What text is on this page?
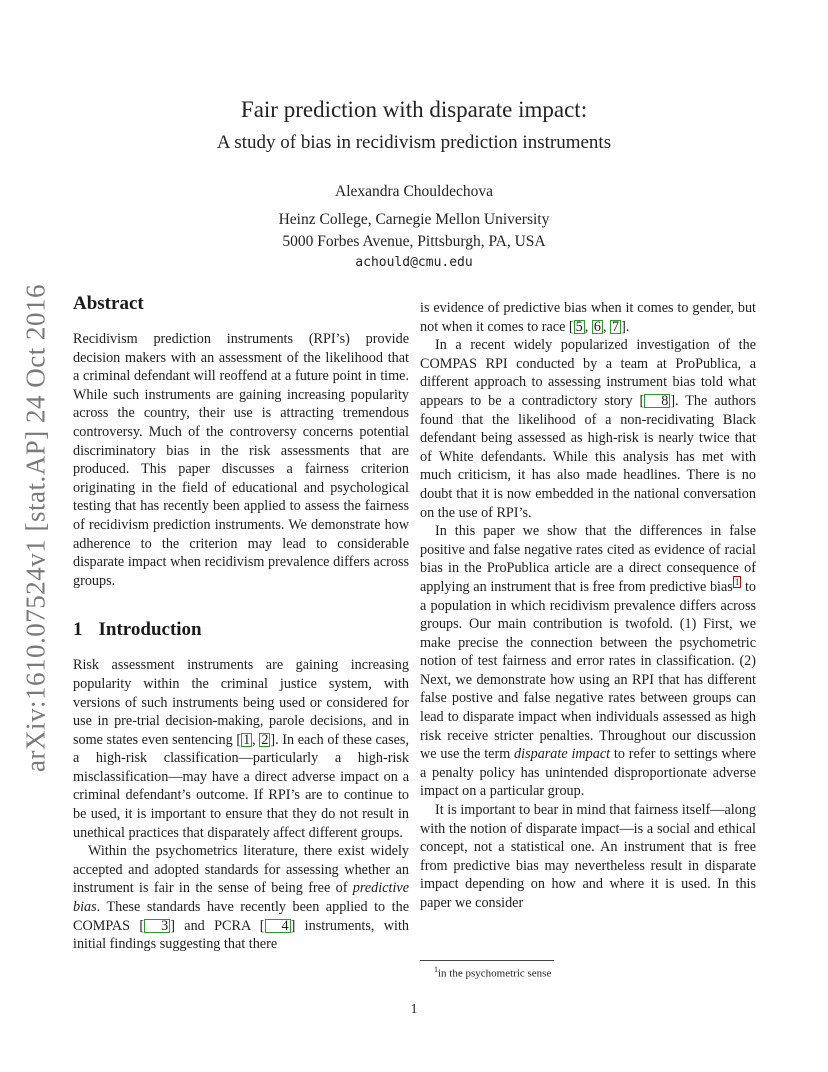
arXiv:1610.07524v1 [stat.AP] 24 Oct 2016
Fair prediction with disparate impact:
A study of bias in recidivism prediction instruments
Alexandra Chouldechova
Heinz College, Carnegie Mellon University
5000 Forbes Avenue, Pittsburgh, PA, USA
achould@cmu.edu
Abstract

Recidivism prediction instruments (RPI’s) provide decision makers with an assessment of the likelihood that a criminal defendant will reoffend at a future point in time. While such instruments are gaining increasing popularity across the country, their use is attracting tremendous controversy. Much of the controversy concerns potential discriminatory bias in the risk assessments that are produced. This paper discusses a fairness criterion originating in the field of educational and psychological testing that has recently been applied to assess the fairness of recidivism prediction instruments. We demonstrate how adherence to the criterion may lead to considerable disparate impact when recidivism prevalence differs across groups.

1 Introduction

Risk assessment instruments are gaining increasing popularity within the criminal justice system, with versions of such instruments being used or considered for use in pre-trial decision-making, parole decisions, and in some states even sentencing [ 1 , 2 ]. In each of these cases, a high-risk classification—particularly a high-risk misclassification—may have a direct adverse impact on a criminal defendant’s outcome. If RPI’s are to continue to be used, it is important to ensure that they do not result in unethical practices that disparately affect different groups.

Within the psychometrics literature, there exist widely accepted and adopted standards for assessing whether an instrument is fair in the sense of being free of predictive bias. These standards have recently been applied to the COMPAS [ 3 ] and PCRA [ 4 ] instruments, with initial findings suggesting that there

is evidence of predictive bias when it comes to gender, but not when it comes to race [ 5 , 6 , 7 ].

In a recent widely popularized investigation of the COMPAS RPI conducted by a team at ProPublica, a different approach to assessing instrument bias told what appears to be a contradictory story [ 8 ]. The authors found that the likelihood of a non-recidivating Black defendant being assessed as high-risk is nearly twice that of White defendants. While this analysis has met with much criticism, it has also made headlines. There is no doubt that it is now embedded in the national conversation on the use of RPI’s.

In this paper we show that the differences in false positive and false negative rates cited as evidence of racial bias in the ProPublica article are a direct consequence of applying an instrument that is free from predictive bias $^1$ to a population in which recidivism prevalence differs across groups. Our main contribution is twofold. (1) First, we make precise the connection between the psychometric notion of test fairness and error rates in classification. (2) Next, we demonstrate how using an RPI that has different false postive and false negative rates between groups can lead to disparate impact when individuals assessed as high risk receive stricter penalties. Throughout our discussion we use the term disparate impact to refer to settings where a penalty policy has unintended disproportionate adverse impact on a particular group.

It is important to bear in mind that fairness itself—along with the notion of disparate impact—is a social and ethical concept, not a statistical one. An instrument that is free from predictive bias may nevertheless result in disparate impact depending on how and where it is used. In this paper we consider

$^1$in the psychometric sense
1
